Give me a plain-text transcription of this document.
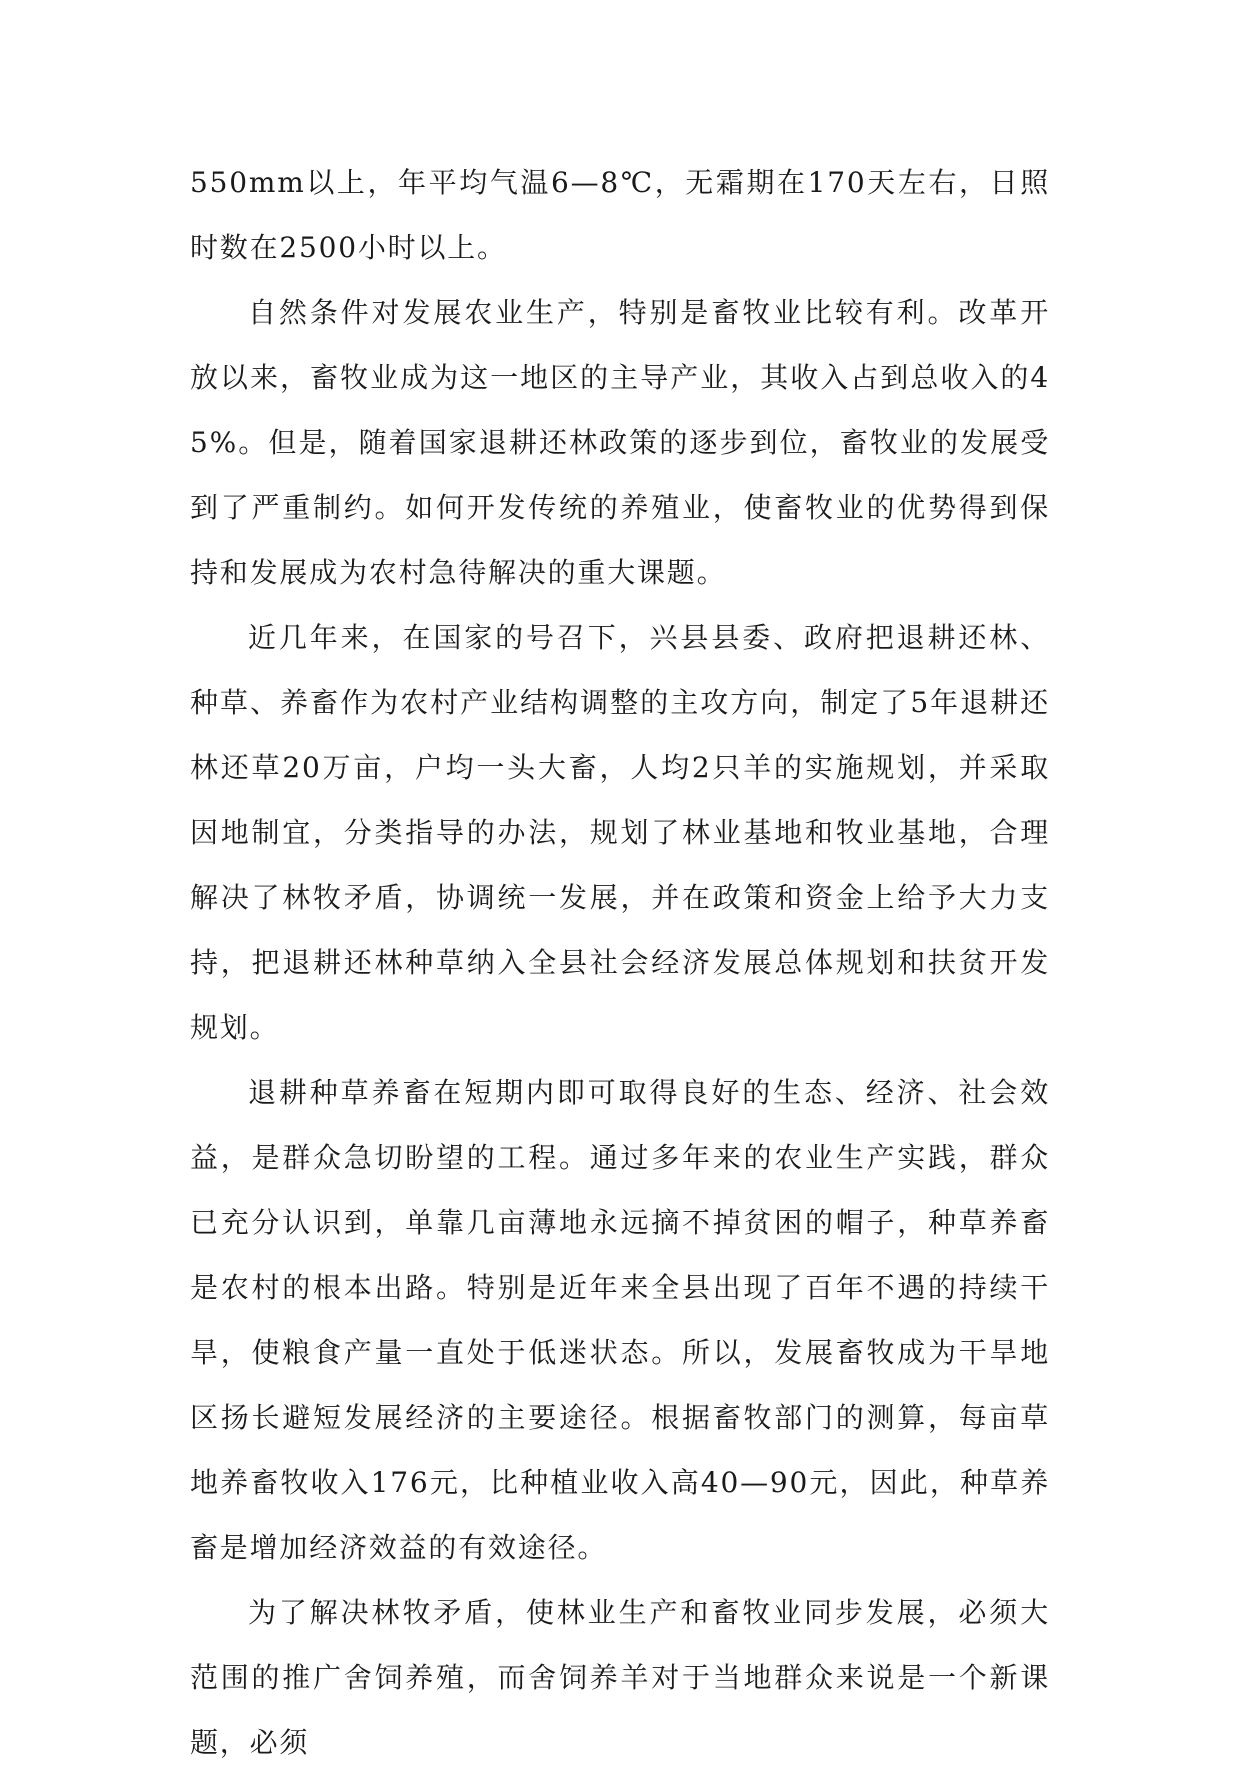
550mm以上，年平均气温6—8℃，无霜期在170天左右，日照时数在2500小时以上。

自然条件对发展农业生产，特别是畜牧业比较有利。改革开放以来，畜牧业成为这一地区的主导产业，其收入占到总收入的45%。但是，随着国家退耕还林政策的逐步到位，畜牧业的发展受到了严重制约。如何开发传统的养殖业，使畜牧业的优势得到保持和发展成为农村急待解决的重大课题。

近几年来，在国家的号召下，兴县县委、政府把退耕还林、种草、养畜作为农村产业结构调整的主攻方向，制定了5年退耕还林还草20万亩，户均一头大畜，人均2只羊的实施规划，并采取因地制宜，分类指导的办法，规划了林业基地和牧业基地，合理解决了林牧矛盾，协调统一发展，并在政策和资金上给予大力支持，把退耕还林种草纳入全县社会经济发展总体规划和扶贫开发规划。

退耕种草养畜在短期内即可取得良好的生态、经济、社会效益，是群众急切盼望的工程。通过多年来的农业生产实践，群众已充分认识到，单靠几亩薄地永远摘不掉贫困的帽子，种草养畜是农村的根本出路。特别是近年来全县出现了百年不遇的持续干旱，使粮食产量一直处于低迷状态。所以，发展畜牧成为干旱地区扬长避短发展经济的主要途径。根据畜牧部门的测算，每亩草地养畜牧收入176元，比种植业收入高40—90元，因此，种草养畜是增加经济效益的有效途径。

为了解决林牧矛盾，使林业生产和畜牧业同步发展，必须大范围的推广舍饲养殖，而舍饲养羊对于当地群众来说是一个新课题，必须
